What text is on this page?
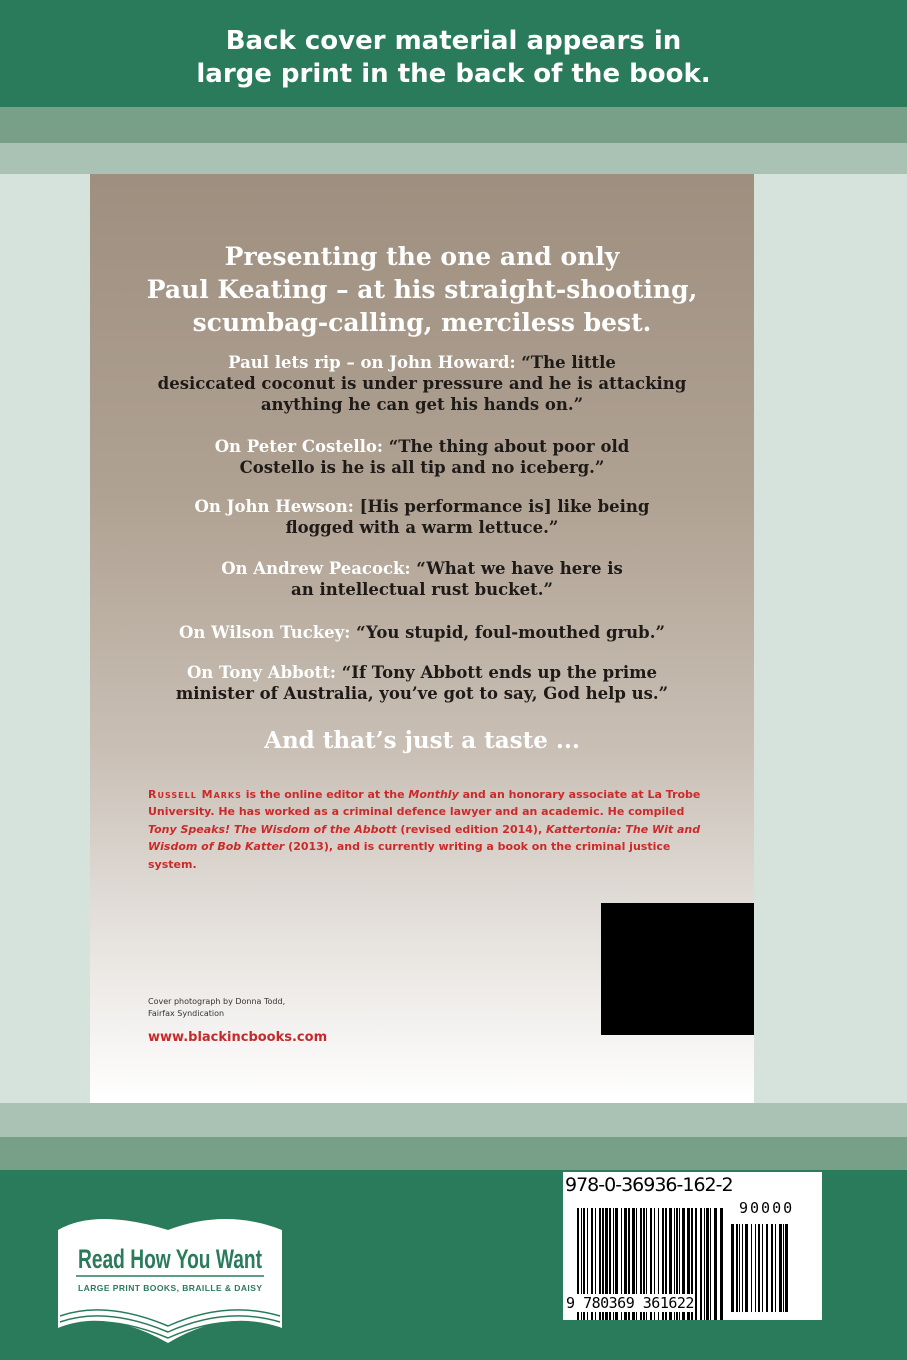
Back cover material appears in
large print in the back of the book.
Presenting the one and only
Paul Keating – at his straight-shooting,
scumbag-calling, merciless best.
Paul lets rip – on John Howard: “The little
desiccated coconut is under pressure and he is attacking
anything he can get his hands on.”
On Peter Costello: “The thing about poor old
Costello is he is all tip and no iceberg.”
On John Hewson: [His performance is] like being
flogged with a warm lettuce.”
On Andrew Peacock: “What we have here is
an intellectual rust bucket.”
On Wilson Tuckey: “You stupid, foul-mouthed grub.”
On Tony Abbott: “If Tony Abbott ends up the prime
minister of Australia, you’ve got to say, God help us.”
And that’s just a taste ...
Russell Marks is the online editor at the Monthly and an honorary associate at La Trobe University. He has worked as a criminal defence lawyer and an academic. He compiled Tony Speaks! The Wisdom of the Abbott (revised edition 2014), Kattertonia: The Wit and Wisdom of Bob Katter (2013), and is currently writing a book on the criminal justice system.
Cover photograph by Donna Todd,
Fairfax Syndication
www.blackincbooks.com
Read How You Want
LARGE PRINT BOOKS, BRAILLE & DAISY
978-0-36936-162-2
90000
9 780369 361622
